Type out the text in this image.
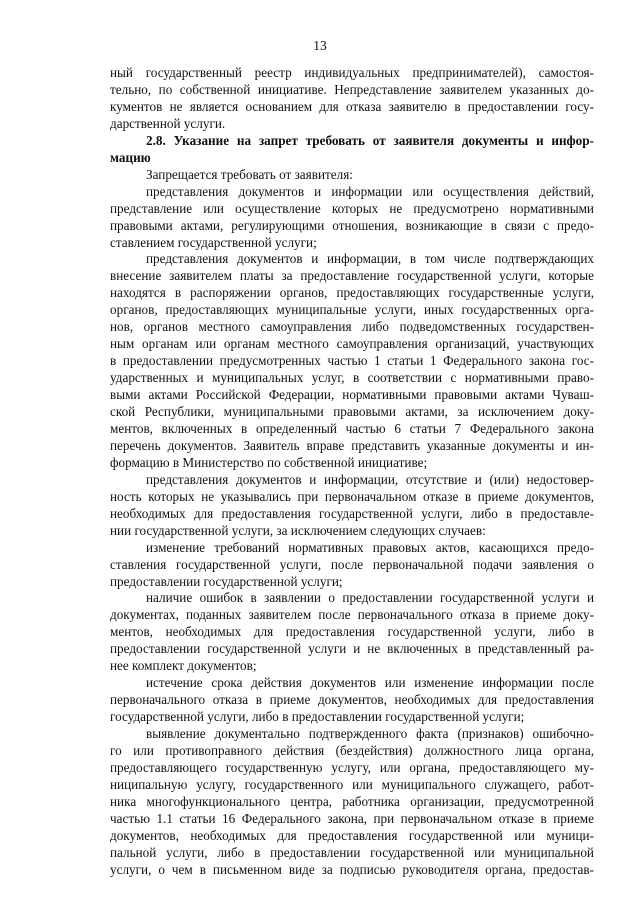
13
ный государственный реестр индивидуальных предпринимателей), самостоя-
тельно, по собственной инициативе. Непредставление заявителем указанных до-
кументов не является основанием для отказа заявителю в предоставлении госу-
дарственной услуги.
2.8. Указание на запрет требовать от заявителя документы и инфор-
мацию
Запрещается требовать от заявителя:
представления документов и информации или осуществления действий,
представление или осуществление которых не предусмотрено нормативными
правовыми актами, регулирующими отношения, возникающие в связи с предо-
ставлением государственной услуги;
представления документов и информации, в том числе подтверждающих
внесение заявителем платы за предоставление государственной услуги, которые
находятся в распоряжении органов, предоставляющих государственные услуги,
органов, предоставляющих муниципальные услуги, иных государственных орга-
нов, органов местного самоуправления либо подведомственных государствен-
ным органам или органам местного самоуправления организаций, участвующих
в предоставлении предусмотренных частью 1 статьи 1 Федерального закона гос-
ударственных и муниципальных услуг, в соответствии с нормативными право-
выми актами Российской Федерации, нормативными правовыми актами Чуваш-
ской Республики, муниципальными правовыми актами, за исключением доку-
ментов, включенных в определенный частью 6 статьи 7 Федерального закона
перечень документов. Заявитель вправе представить указанные документы и ин-
формацию в Министерство по собственной инициативе;
представления документов и информации, отсутствие и (или) недостовер-
ность которых не указывались при первоначальном отказе в приеме документов,
необходимых для предоставления государственной услуги, либо в предоставле-
нии государственной услуги, за исключением следующих случаев:
изменение требований нормативных правовых актов, касающихся предо-
ставления государственной услуги, после первоначальной подачи заявления о
предоставлении государственной услуги;
наличие ошибок в заявлении о предоставлении государственной услуги и
документах, поданных заявителем после первоначального отказа в приеме доку-
ментов, необходимых для предоставления государственной услуги, либо в
предоставлении государственной услуги и не включенных в представленный ра-
нее комплект документов;
истечение срока действия документов или изменение информации после
первоначального отказа в приеме документов, необходимых для предоставления
государственной услуги, либо в предоставлении государственной услуги;
выявление документально подтвержденного факта (признаков) ошибочно-
го или противоправного действия (бездействия) должностного лица органа,
предоставляющего государственную услугу, или органа, предоставляющего му-
ниципальную услугу, государственного или муниципального служащего, работ-
ника многофункционального центра, работника организации, предусмотренной
частью 1.1 статьи 16 Федерального закона, при первоначальном отказе в приеме
документов, необходимых для предоставления государственной или муници-
пальной услуги, либо в предоставлении государственной или муниципальной
услуги, о чем в письменном виде за подписью руководителя органа, предостав-
